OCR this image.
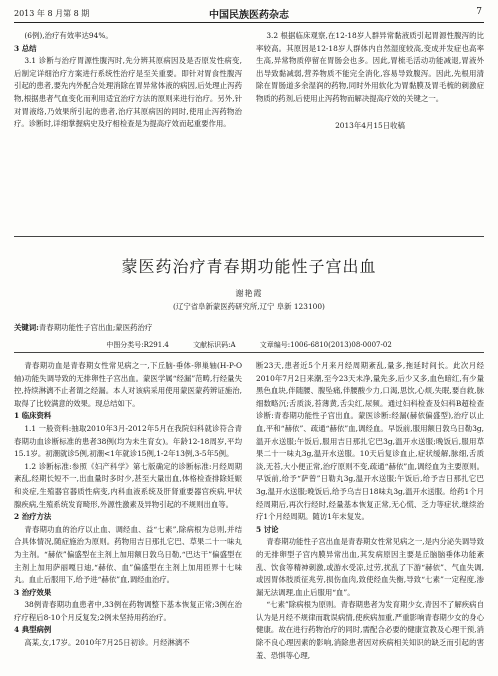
2013 年 8 月第 8 期	中国民族医药杂志	7

(6例),治疗有效率达94%。

3 总结

3.1 诊断与治疗胃源性腹泻时,先分辨其原病因及是否原发性病变,后制定详细治疗方案进行系统性治疗是至关重要。即针对胃食性腹泻引起的患者,要先内外配合处理消除在胃异常体液的病因,后处理止泻药物,根据患者气血变化而利用适宜治疗方法的原则来进行治疗。另外,针对胃液络,乃效果所引起的患者,治疗其原病因的同时,使用止泻药物治疗。诊断时,详细掌握病史及疗相检查是为提高疗效而起重要作用。

3.2 根据临床观察,在12-18岁人群异常黏液质引起胃源性腹泻的比率较高。其原因是12-18岁人群体内自然湿度较高,变成并发症也高率生高,异常物质停留在胃肠会也多。因此,胃梳毛活动功能减退,胃液外出导致黏减弱,营养物质不能完全消化,容易导致腹泻。因此,先根用清除在胃肠道多余湿润的药物,同时外用软化为胃黏膜及胃毛梳的刺激症物质的药剂,后使用止泻药物而解决提高疗效的关键之一。

2013年4月15日收稿
蒙医药治疗青春期功能性子宫出血
谢艳霞
(辽宁省阜新蒙医药研究所,辽宁 阜新 123100)
关键词:青春期功能性子宫出血;蒙医药治疗
中图分类号:R291.4	文献标识码:A	文章编号:1006-6810(2013)08-0007-02

青春期功血是青春期女性常见病之一,下丘脑-垂体-卵巢轴(H-P-O轴)功能失调导致的无排卵性子宫出血。蒙医学属“经漏”范畴,行经量失控,持续淋漓不止者谓之经漏。本人对该病采用使用蒙医蒙药辨证施治,取得了比较满意的效果。现总结如下。

1 临床资料

1.1 一般资料:抽取2010年3月-2012年5月在我院妇科就诊符合青春期功血诊断标准的患者38例(均为未生育女)。年龄12-18周岁,平均15.1岁。初潮就诊5例,初潮<1年就诊15例,1-2年13例,3-5年5例。

1.2 诊断标准:参照《妇产科学》第七版确定的诊断标准:月经周期紊乱,经期长短不一,出血量时多时少,甚至大量出血,体格检查排除妊娠和炎症,生殖器官器质性病变,内科血液系统及肝肾重要器官疾病,甲状腺疾病,生殖系统发育畸形,外源性激素及异物引起的不规则出血等。

2 治疗方法

青春期功血的治疗以止血、调经血、益“七素”,除病根为总则,并结合具体情况,随症施治为原则。药物用吉日那扎它巴、草果二十一味丸为主剂。“赫依”偏盛型在主剂上加用额日敦乌日勒,“巴达干”偏盛型在主剂上加用萨丽嘎日迪,“赫依、血”偏盛型在主剂上加用匝界十七味丸。血止后服用下,给予进“赫依”血,调经血治疗。

3 治疗效果

38例青春期功血患者中,33例在药物调整下基本恢复正常;3例在治疗疗程后8-10个月反复发;2例未坚持用药治疗。

4 典型病例

高某,女,17岁。2010年7月25日初诊。月经淋漓不

断23天,患者近5个月来月经周期紊乱,量多,拖延时间长。此次月经2010年7月2日来潮,至今23天未净,量先多,后少又多,血色暗红,有少量黑色血块,伴随腰、腹坠痛,伴腰酸少力,口渴,思饮,心烦,失眠,要自救,脉细数略沉;舌质淡,苔薄黄,舌尖红,尿频。通过妇科检查及妇科B超检查诊断:青春期功能性子宫出血。蒙医诊断:经漏(赫依偏盛型),治疗以止血,平和“赫依”、疏通“赫依”血,调经血。早饭前,服用额日敦乌日勒3g,温开水送服;午饭后,服用吉日那扎它巴3g,温开水送服;晚饭后,服用草果二十一味丸3g,温开水送服。10天后复诊血止,症状缓解,脉细,舌质淡,无苔,大小便正常,治疗原则不变,疏通“赫依”血,调经血为主要原则。早饭前,给予“萨曾”日勒丸3g,温开水送服;午饭后,给予吉日那扎它巴3g,温开水送服;晚饭后,给予乌吉日18味丸3g,温开水送服。给药1个月经周期后,再次行经时,经量基本恢复正常,无心慌、乏力等症状,继续治疗1个月经周期。随访1年未复发。

5 讨论

青春期功能性子宫出血是青春期女性常见病之一,是内分泌失调导致的无排卵型子宫内膜异常出血,其发病原因主要是丘脑脑垂体功能紊乱、饮食等精神刺激,或游水受凉,过劳,扰乱了下游“赫依”、气血失调,或因胃体肢质征兆劳,损伤血肉,致使经血失衡,导致“七素”一定程度,渗漏无法调理,血止后服用“血”。

“七素”除病根为原则。青春期患者为发育期少女,青因不了解疾病自认为是月经不规律而耽误病情,使疾病加重,严重影响青春期少女的身心健康。故在进行药物治疗的同时,需配合必要的健康宣教及心理干预,消除不良心理因素的影响,消除患者因对疾病相关知识的缺乏而引起的害羞、恐惧等心理,
